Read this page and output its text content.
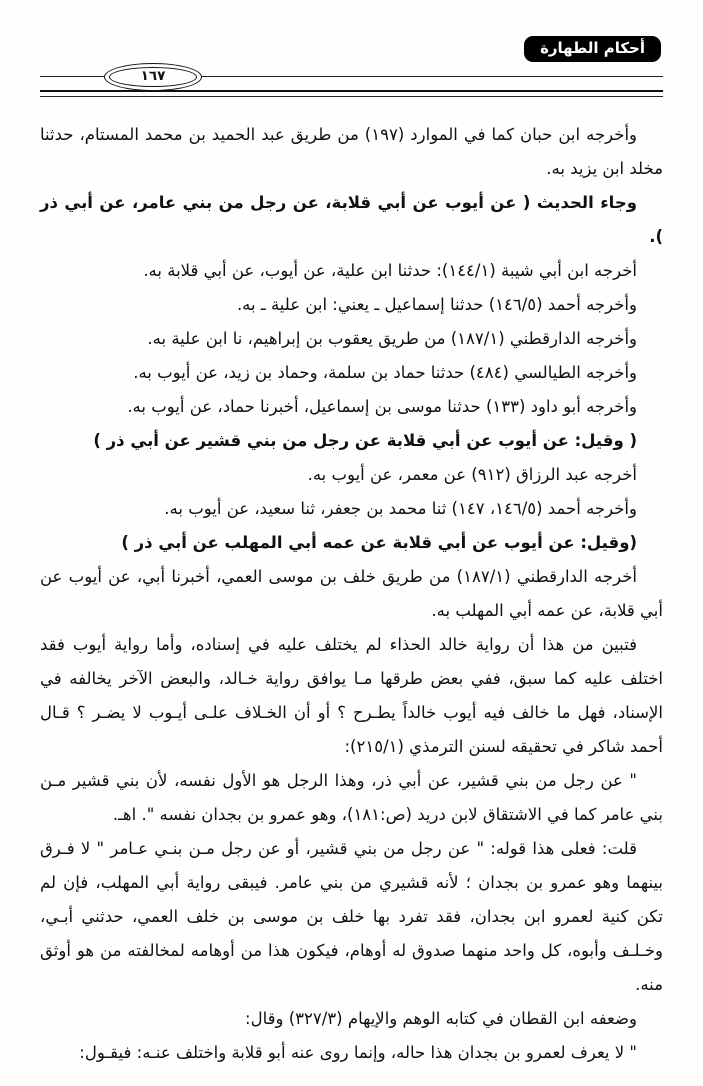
أحكام الطهارة
١٦٧

وأخرجه ابن حبان كما في الموارد (١٩٧) من طريق عبد الحميد بن محمد المستام، حدثنا مخلد ابن يزيد به.

وجاء الحديث ( عن أيوب عن أبي قلابة، عن رجل من بني عامر، عن أبي ذر ).

أخرجه ابن أبي شيبة (١٤٤/١): حدثنا ابن علية، عن أيوب، عن أبي قلابة به.

وأخرجه أحمد (١٤٦/٥) حدثنا إسماعيل ـ يعني: ابن علية ـ به.

وأخرجه الدارقطني (١٨٧/١) من طريق يعقوب بن إبراهيم، نا ابن علية به.

وأخرجه الطيالسي (٤٨٤) حدثنا حماد بن سلمة، وحماد بن زيد، عن أيوب به.

وأخرجه أبو داود (١٣٣) حدثنا موسى بن إسماعيل، أخبرنا حماد، عن أيوب به.

( وقيل: عن أيوب عن أبي قلابة عن رجل من بني قشير عن أبي ذر )

أخرجه عبد الرزاق (٩١٢) عن معمر، عن أيوب به.

وأخرجه أحمد (١٤٦/٥، ١٤٧) ثنا محمد بن جعفر، ثنا سعيد، عن أيوب به.

(وقيل: عن أيوب عن أبي قلابة عن عمه أبي المهلب عن أبي ذر )

أخرجه الدارقطني (١٨٧/١) من طريق خلف بن موسى العمي، أخبرنا أبي، عن أيوب عن أبي قلابة، عن عمه أبي المهلب به.

فتبين من هذا أن رواية خالد الحذاء لم يختلف عليه في إسناده، وأما رواية أيوب فقد اختلف عليه كما سبق، ففي بعض طرقها مـا يوافق رواية خـالد، والبعض الآخر يخالفه في الإسناد، فهل ما خالف فيه أيوب خالداً يطـرح ؟ أو أن الخـلاف علـى أيـوب لا يضـر ؟ قـال أحمد شاكر في تحقيقه لسنن الترمذي (٢١٥/١):

" عن رجل من بني قشير، عن أبي ذر، وهذا الرجل هو الأول نفسه، لأن بني قشير مـن بني عامر كما في الاشتقاق لابن دريد (ص:١٨١)، وهو عمرو بن بجدان نفسه ". اهـ.

قلت: فعلى هذا قوله: " عن رجل من بني قشير، أو عن رجل مـن بنـي عـامر " لا فـرق بينهما وهو عمرو بن بجدان ؛ لأنه قشيري من بني عامر. فيبقى رواية أبي المهلب، فإن لم تكن كنية لعمرو ابن بجدان، فقد تفرد بها خلف بن موسى بن خلف العمي، حدثني أبـي، وخـلـف وأبوه، كل واحد منهما صدوق له أوهام، فيكون هذا من أوهامه لمخالفته من هو أوثق منه.

وضعفه ابن القطان في كتابه الوهم والإيهام (٣٢٧/٣) وقال:

" لا يعرف لعمرو بن بجدان هذا حاله، وإنما روى عنه أبو قلابة واختلف عنـه: فيقـول:
